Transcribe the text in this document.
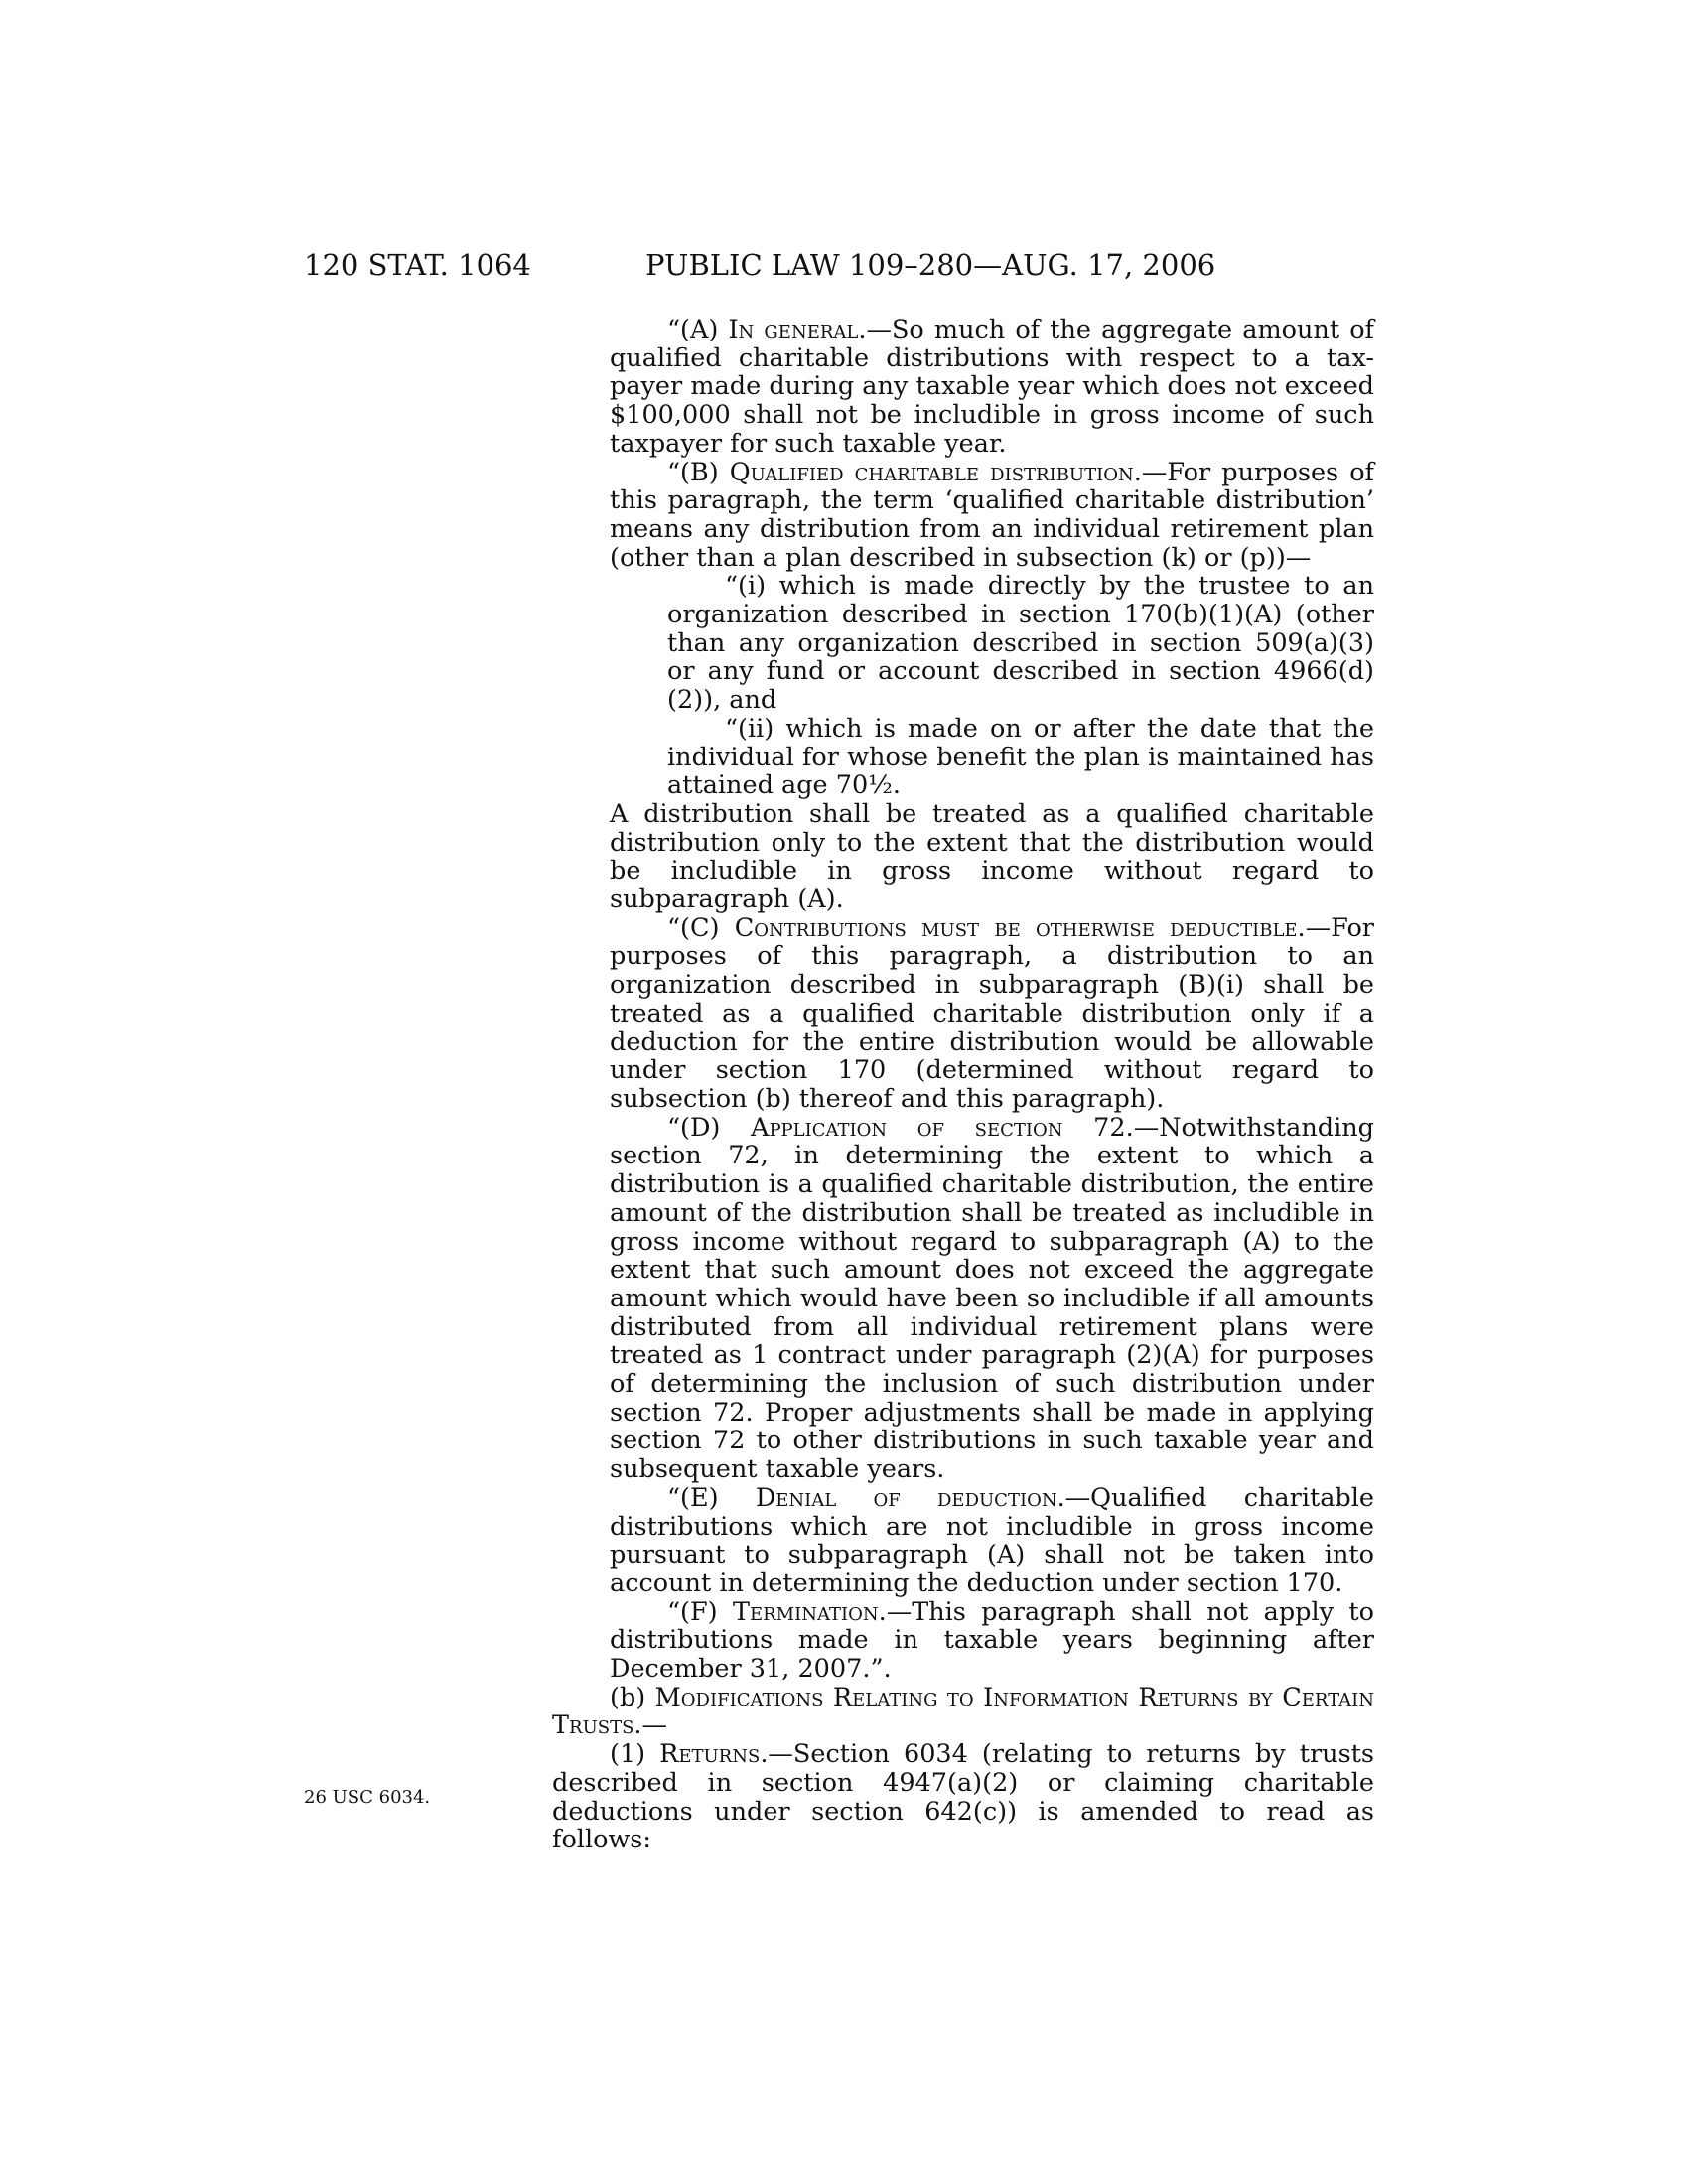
120 STAT. 1064	PUBLIC LAW 109–280—AUG. 17, 2006
26 USC 6034.

“(A) In general.—So much of the aggregate amount of qualified charitable distributions with respect to a tax-payer made during any taxable year which does not exceed $100,000 shall not be includible in gross income of such taxpayer for such taxable year.

“(B) Qualified charitable distribution.—For purposes of this paragraph, the term ‘qualified charitable distribution’ means any distribution from an individual retirement plan (other than a plan described in subsection (k) or (p))—

“(i) which is made directly by the trustee to an organization described in section 170(b)(1)(A) (other than any organization described in section 509(a)(3) or any fund or account described in section 4966(d)(2)), and

“(ii) which is made on or after the date that the individual for whose benefit the plan is maintained has attained age 70½.

A distribution shall be treated as a qualified charitable distribution only to the extent that the distribution would be includible in gross income without regard to subparagraph (A).

“(C) Contributions must be otherwise deductible.—For purposes of this paragraph, a distribution to an organization described in subparagraph (B)(i) shall be treated as a qualified charitable distribution only if a deduction for the entire distribution would be allowable under section 170 (determined without regard to subsection (b) thereof and this paragraph).

“(D) Application of section 72.—Notwithstanding section 72, in determining the extent to which a distribution is a qualified charitable distribution, the entire amount of the distribution shall be treated as includible in gross income without regard to subparagraph (A) to the extent that such amount does not exceed the aggregate amount which would have been so includible if all amounts distributed from all individual retirement plans were treated as 1 contract under paragraph (2)(A) for purposes of determining the inclusion of such distribution under section 72. Proper adjustments shall be made in applying section 72 to other distributions in such taxable year and subsequent taxable years.

“(E) Denial of deduction.—Qualified charitable distributions which are not includible in gross income pursuant to subparagraph (A) shall not be taken into account in determining the deduction under section 170.

“(F) Termination.—This paragraph shall not apply to distributions made in taxable years beginning after December 31, 2007.”.

(b) Modifications Relating to Information Returns by Certain Trusts.—

(1) Returns.—Section 6034 (relating to returns by trusts described in section 4947(a)(2) or claiming charitable deductions under section 642(c)) is amended to read as follows:
